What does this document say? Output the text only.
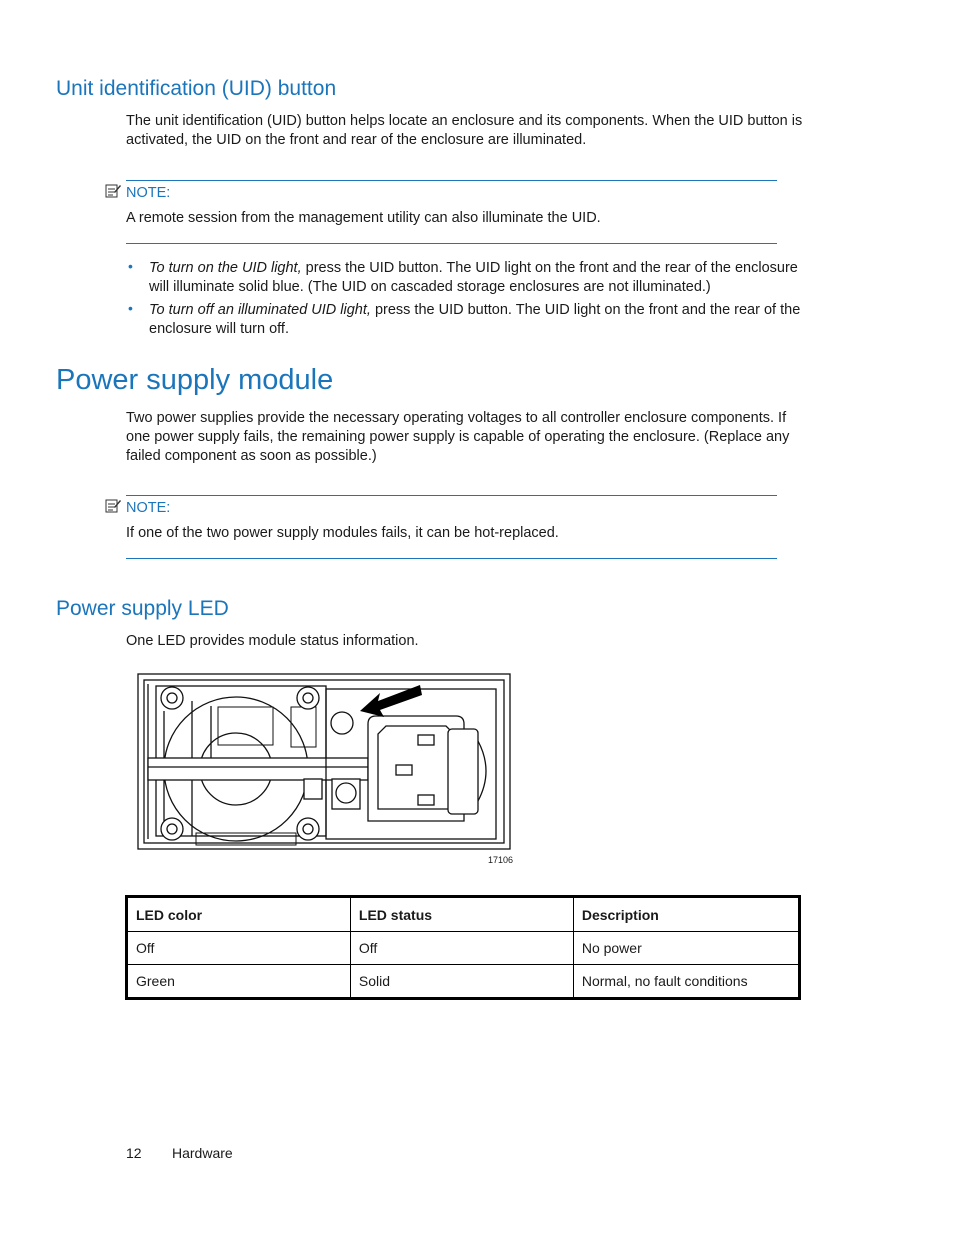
Unit identification (UID) button

The unit identification (UID) button helps locate an enclosure and its components. When the UID button is activated, the UID on the front and rear of the enclosure are illuminated.

NOTE:

A remote session from the management utility can also illuminate the UID.

• To turn on the UID light, press the UID button. The UID light on the front and the rear of the enclosure will illuminate solid blue. (The UID on cascaded storage enclosures are not illuminated.)

• To turn off an illuminated UID light, press the UID button. The UID light on the front and the rear of the enclosure will turn off.

Power supply module

Two power supplies provide the necessary operating voltages to all controller enclosure components. If one power supply fails, the remaining power supply is capable of operating the enclosure. (Replace any failed component as soon as possible.)

NOTE:

If one of the two power supply modules fails, it can be hot-replaced.

Power supply LED

One LED provides module status information.

17106
LED color	LED status	Description
Off	Off	No power
Green	Solid	Normal, no fault conditions
12 Hardware
